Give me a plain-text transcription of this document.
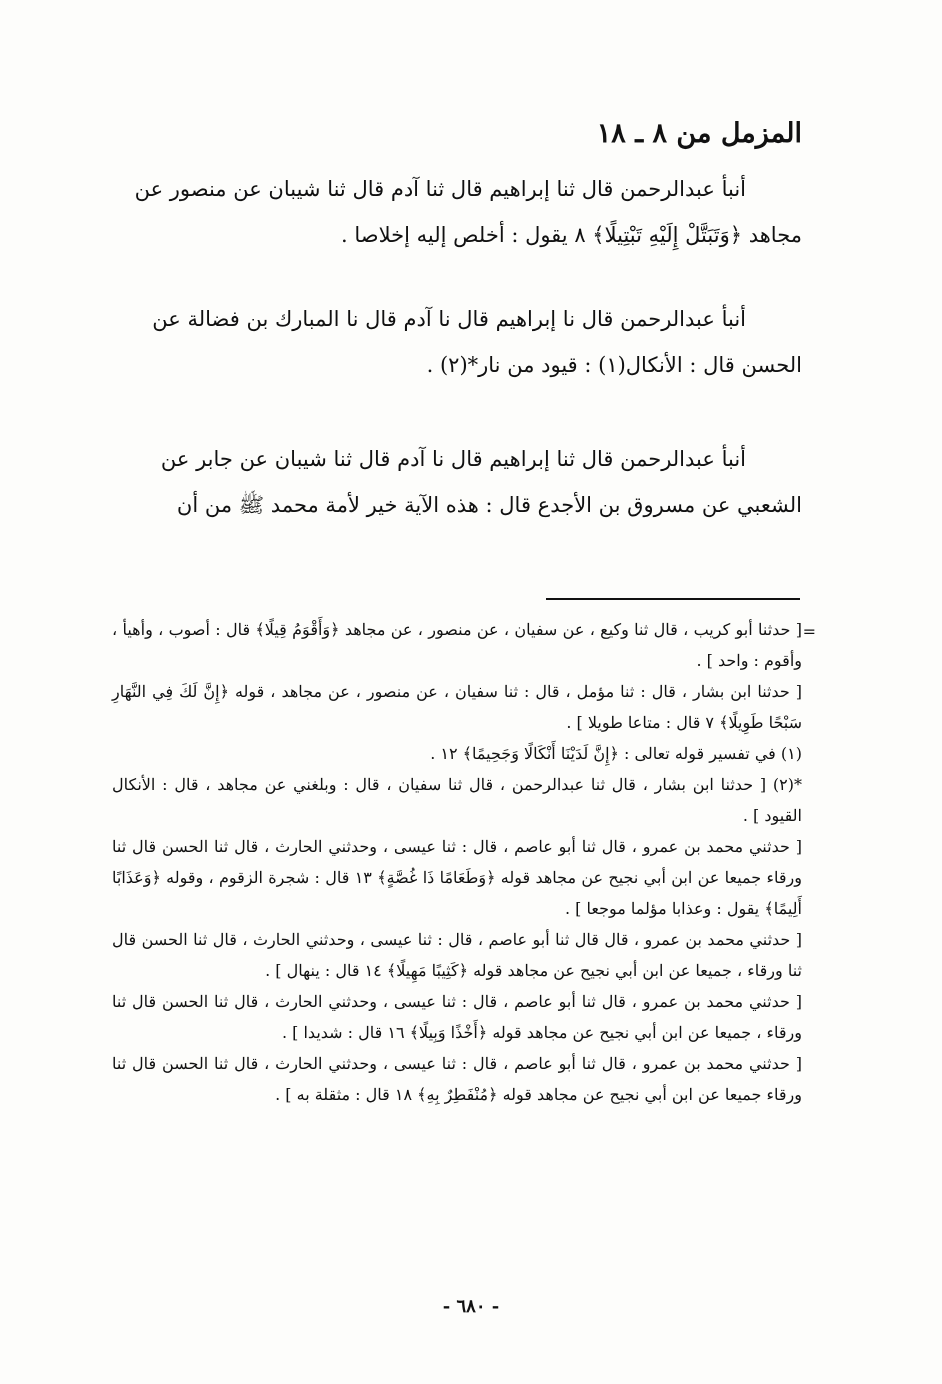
المزمل من ٨ ـ ١٨

أنبأ عبدالرحمن قال ثنا إبراهيم قال ثنا آدم قال ثنا شيبان عن منصور عن

مجاهد ﴿وَتَبَتَّلْ إِلَيْهِ تَبْتِيلًا﴾ ٨ يقول : أخلص إليه إخلاصا .

أنبأ عبدالرحمن قال نا إبراهيم قال نا آدم قال نا المبارك بن فضالة عن

الحسن قال : الأنكال(١) : قيود من نار*(٢) .

أنبأ عبدالرحمن قال ثنا إبراهيم قال نا آدم قال ثنا شيبان عن جابر عن

الشعبي عن مسروق بن الأجدع قال : هذه الآية خير لأمة محمد ﷺ من أن

=

[ حدثنا أبو كريب ، قال ثنا وكيع ، عن سفيان ، عن منصور ، عن مجاهد ﴿وَأَقْوَمُ قِيلًا﴾ قال : أصوب ، وأهيأ ، وأقوم : واحد ] .

[ حدثنا ابن بشار ، قال : ثنا مؤمل ، قال : ثنا سفيان ، عن منصور ، عن مجاهد ، قوله ﴿إِنَّ لَكَ فِي النَّهَارِ سَبْحًا طَوِيلًا﴾ ٧ قال : متاعا طويلا ] .

(١) في تفسير قوله تعالى : ﴿إِنَّ لَدَيْنَا أَنْكَالًا وَجَحِيمًا﴾ ١٢ .

*(٢) [ حدثنا ابن بشار ، قال ثنا عبدالرحمن ، قال ثنا سفيان ، قال : وبلغني عن مجاهد ، قال : الأنكال القيود ] .

[ حدثني محمد بن عمرو ، قال ثنا أبو عاصم ، قال : ثنا عيسى ، وحدثني الحارث ، قال ثنا الحسن قال ثنا ورقاء جميعا عن ابن أبي نجيح عن مجاهد قوله ﴿وَطَعَامًا ذَا غُصَّةٍ﴾ ١٣ قال : شجرة الزقوم ، وقوله ﴿وَعَذَابًا أَلِيمًا﴾ يقول : وعذابا مؤلما موجعا ] .

[ حدثني محمد بن عمرو ، قال قال ثنا أبو عاصم ، قال : ثنا عيسى ، وحدثني الحارث ، قال ثنا الحسن قال ثنا ورقاء ، جميعا عن ابن أبي نجيح عن مجاهد قوله ﴿كَثِيبًا مَهِيلًا﴾ ١٤ قال : ينهال ] .

[ حدثني محمد بن عمرو ، قال ثنا أبو عاصم ، قال : ثنا عيسى ، وحدثني الحارث ، قال ثنا الحسن قال ثنا ورقاء ، جميعا عن ابن أبي نجيح عن مجاهد قوله ﴿أَخْذًا وَبِيلًا﴾ ١٦ قال : شديدا ] .

[ حدثني محمد بن عمرو ، قال ثنا أبو عاصم ، قال : ثنا عيسى ، وحدثني الحارث ، قال ثنا الحسن قال ثنا ورقاء جميعا عن ابن أبي نجيح عن مجاهد قوله ﴿مُنْفَطِرٌ بِهِ﴾ ١٨ قال : مثقلة به ] .

- ٦٨٠ -
